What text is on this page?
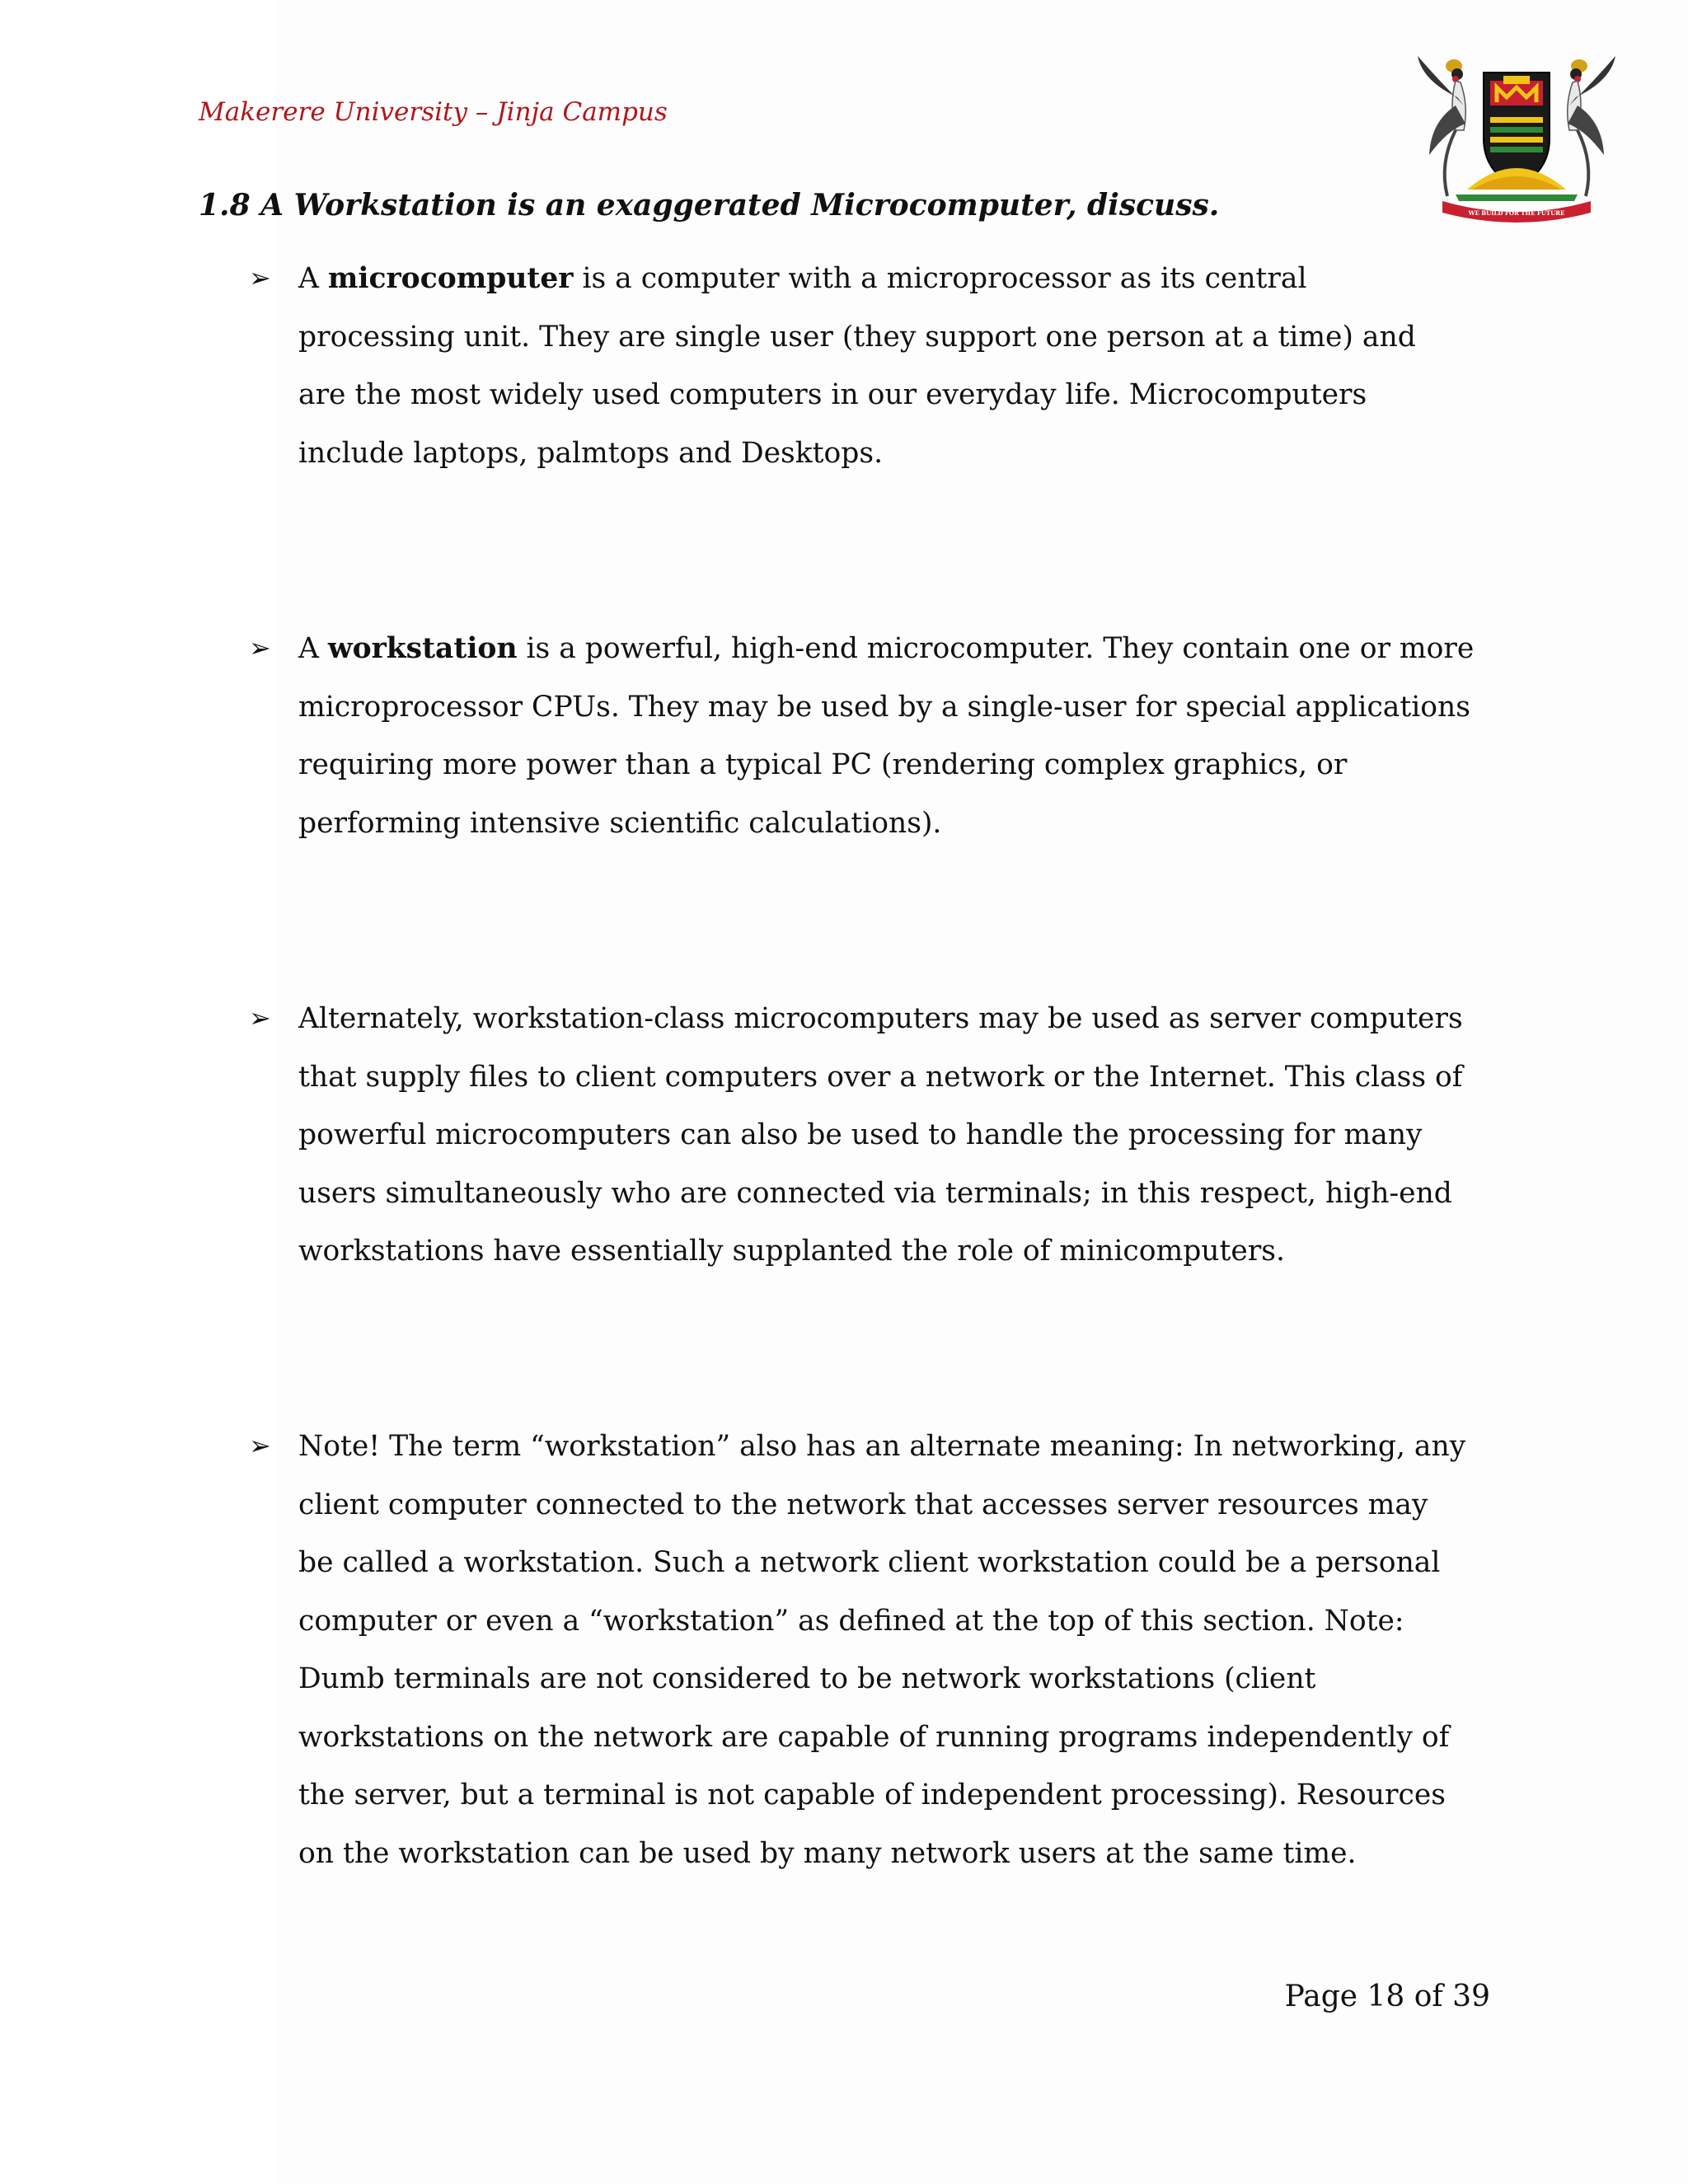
Makerere University – Jinja Campus
WE BUILD FOR THE FUTURE
1.8 A Workstation is an exaggerated Microcomputer, discuss.
➢ A microcomputer is a computer with a microprocessor as its central processing unit. They are single user (they support one person at a time) and are the most widely used computers in our everyday life. Microcomputers include laptops, palmtops and Desktops.
➢ A workstation is a powerful, high-end microcomputer. They contain one or more microprocessor CPUs. They may be used by a single-user for special applications requiring more power than a typical PC (rendering complex graphics, or performing intensive scientific calculations).
➢ Alternately, workstation-class microcomputers may be used as server computers that supply files to client computers over a network or the Internet. This class of powerful microcomputers can also be used to handle the processing for many users simultaneously who are connected via terminals; in this respect, high-end workstations have essentially supplanted the role of minicomputers.
➢ Note! The term “workstation” also has an alternate meaning: In networking, any client computer connected to the network that accesses server resources may be called a workstation. Such a network client workstation could be a personal computer or even a “workstation” as defined at the top of this section. Note: Dumb terminals are not considered to be network workstations (client workstations on the network are capable of running programs independently of the server, but a terminal is not capable of independent processing). Resources on the workstation can be used by many network users at the same time.
Page 18 of 39
